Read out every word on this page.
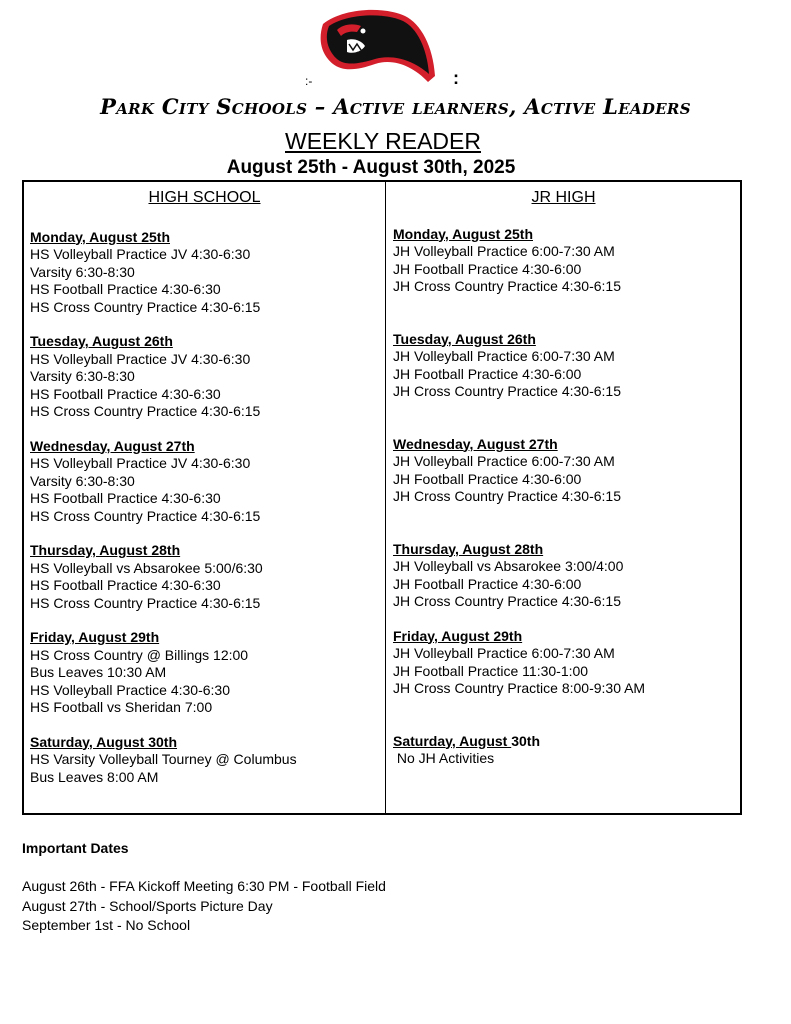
:-	:
Park City Schools – Active learners, Active Leaders
WEEKLY READER
August 25th - August 30th, 2025
HIGH SCHOOL
Monday, August 25th
HS Volleyball Practice JV 4:30-6:30
Varsity 6:30-8:30
HS Football Practice 4:30-6:30
HS Cross Country Practice 4:30-6:15
Tuesday, August 26th
HS Volleyball Practice JV 4:30-6:30
Varsity 6:30-8:30
HS Football Practice 4:30-6:30
HS Cross Country Practice 4:30-6:15
Wednesday, August 27th
HS Volleyball Practice JV 4:30-6:30
Varsity 6:30-8:30
HS Football Practice 4:30-6:30
HS Cross Country Practice 4:30-6:15
Thursday, August 28th
HS Volleyball vs Absarokee 5:00/6:30
HS Football Practice 4:30-6:30
HS Cross Country Practice 4:30-6:15
Friday, August 29th
HS Cross Country @ Billings 12:00
Bus Leaves 10:30 AM
HS Volleyball Practice 4:30-6:30
HS Football vs Sheridan 7:00
Saturday, August 30th
HS Varsity Volleyball Tourney @ Columbus
Bus Leaves 8:00 AM
JR HIGH
Monday, August 25th
JH Volleyball Practice 6:00-7:30 AM
JH Football Practice 4:30-6:00
JH Cross Country Practice 4:30-6:15
Tuesday, August 26th
JH Volleyball Practice 6:00-7:30 AM
JH Football Practice 4:30-6:00
JH Cross Country Practice 4:30-6:15
Wednesday, August 27th
JH Volleyball Practice 6:00-7:30 AM
JH Football Practice 4:30-6:00
JH Cross Country Practice 4:30-6:15
Thursday, August 28th
JH Volleyball vs Absarokee 3:00/4:00
JH Football Practice 4:30-6:00
JH Cross Country Practice 4:30-6:15
Friday, August 29th
JH Volleyball Practice 6:00-7:30 AM
JH Football Practice 11:30-1:00
JH Cross Country Practice 8:00-9:30 AM
Saturday, August 30th
No JH Activities
Important Dates
August 26th - FFA Kickoff Meeting 6:30 PM - Football Field
August 27th - School/Sports Picture Day
September 1st - No School
